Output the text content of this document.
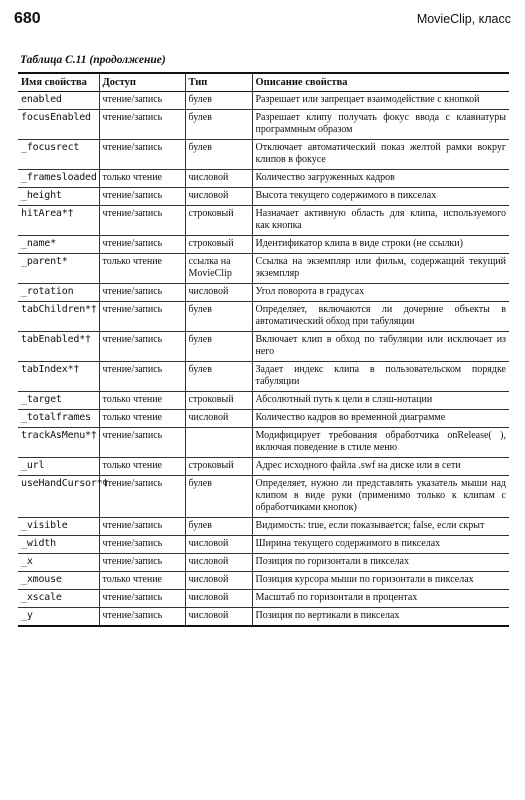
680	MovieClip, класс
Таблица С.11 (продолжение)
Имя свойства	Доступ	Тип	Описание свойства
enabled	чтение/запись	булев	Разрешает или запрещает взаимодействие с кнопкой
focusEnabled	чтение/запись	булев	Разрешает клипу получать фокус ввода с клавиатуры программным образом
_focusrect	чтение/запись	булев	Отключает автоматический показ желтой рамки вокруг клипов в фокусе
_framesloaded	только чтение	числовой	Количество загруженных кадров
_height	чтение/запись	числовой	Высота текущего содержимого в пикселах
hitArea*†	чтение/запись	строковый	Назначает активную область для клипа, используемого как кнопка
_name*	чтение/запись	строковый	Идентификатор клипа в виде строки (не ссылки)
_parent*	только чтение	ссылка на MovieClip	Ссылка на экземпляр или фильм, содержащий текущий экземпляр
_rotation	чтение/запись	числовой	Угол поворота в градусах
tabChildren*†	чтение/запись	булев	Определяет, включаются ли дочерние объекты в автоматический обход при табуляции
tabEnabled*†	чтение/запись	булев	Включает клип в обход по табуляции или исключает из него
tabIndex*†	чтение/запись	булев	Задает индекс клипа в пользовательском порядке табуляции
_target	только чтение	строковый	Абсолютный путь к цели в слэш-нотации
_totalframes	только чтение	числовой	Количество кадров во временной диаграмме
trackAsMenu*†	чтение/запись		Модифицирует требования обработчика onRelease( ), включая поведение в стиле меню
_url	только чтение	строковый	Адрес исходного файла .swf на диске или в сети
useHandCursor*†	чтение/запись	булев	Определяет, нужно ли представлять указатель мыши над клипом в виде руки (применимо только к клипам с обработчиками кнопок)
_visible	чтение/запись	булев	Видимость: true, если показывается; false, если скрыт
_width	чтение/запись	числовой	Ширина текущего содержимого в пикселах
_x	чтение/запись	числовой	Позиция по горизонтали в пикселах
_xmouse	только чтение	числовой	Позиция курсора мыши по горизонтали в пикселах
_xscale	чтение/запись	числовой	Масштаб по горизонтали в процентах
_y	чтение/запись	числовой	Позиция по вертикали в пикселах
